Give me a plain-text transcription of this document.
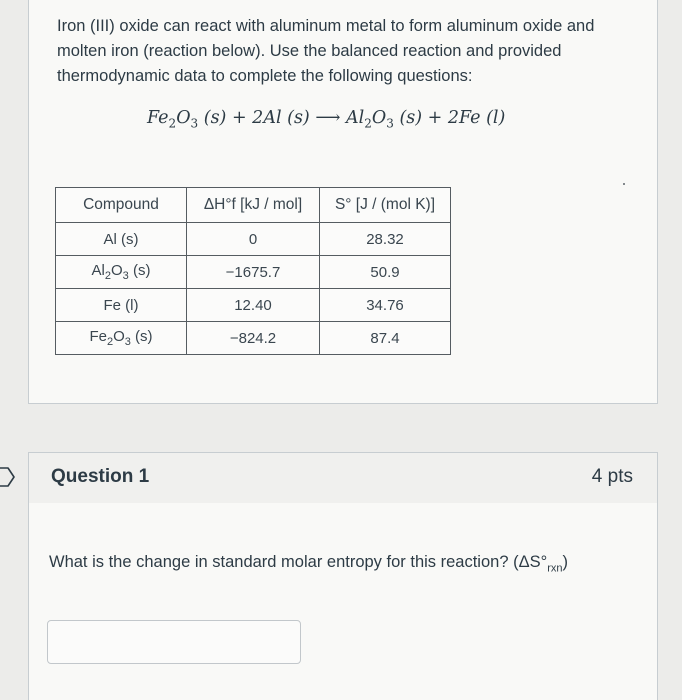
Iron (III) oxide can react with aluminum metal to form aluminum oxide and molten iron (reaction below). Use the balanced reaction and provided thermodynamic data to complete the following questions:

$Fe_2O_3$ (s) + 2Al (s) ⟶ $Al_2O_3$ (s) + 2Fe (l)
Compound	ΔH°f [kJ / mol]	S° [J / (mol K)]
Al (s)	0	28.32
$Al_2O_3$ (s)	−1675.7	50.9
Fe (l)	12.40	34.76
$Fe_2O_3$ (s)	−824.2	87.4
Question 1	4 pts
What is the change in standard molar entropy for this reaction? $(\Delta S^\circ_{rxn})$
